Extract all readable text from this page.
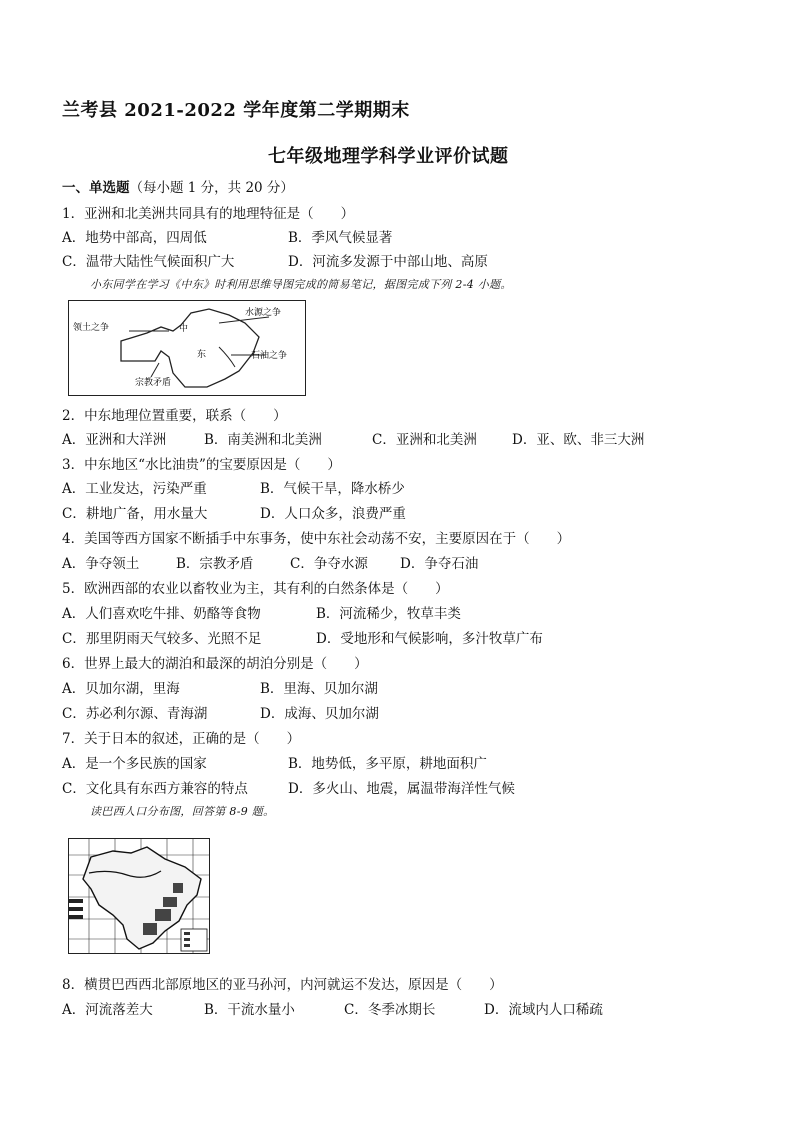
兰考县 2021-2022 学年度第二学期期末
七年级地理学科学业评价试题
一、单选题（每小题 1 分，共 20 分）
1．亚洲和北美洲共同具有的地理特征是（　　）
A．地势中部高，四周低	B．季风气候显著
C．温带大陆性气候面积广大	D．河流多发源于中部山地、高原
小东同学在学习《中东》时利用思维导图完成的简易笔记，据图完成下列 2-4 小题。
领土之争	中
水源之争
东	石油之争
宗教矛盾
2．中东地理位置重要，联系（　　）
A．亚洲和大洋洲	B．南美洲和北美洲	C．亚洲和北美洲	D．亚、欧、非三大洲
3．中东地区“水比油贵”的宝要原因是（　　）
A．工业发达，污染严重	B．气候干旱，降水桥少
C．耕地广备，用水量大	D．人口众多，浪费严重
4．美国等西方国家不断插手中东事务，使中东社会动荡不安，主要原因在于（　　）
A．争夺领土	B．宗教矛盾	C．争夺水源 D．争夺石油
5．欧洲西部的农业以畜牧业为主，其有利的白然条体是（　　）
A．人们喜欢吃牛排、奶酪等食物	B．河流稀少，牧草丰类
C．那里阴雨天气较多、光照不足	D．受地形和气候影响，多汁牧草广布
6．世界上最大的湖泊和最深的胡泊分别是（　　）
A．贝加尔湖，里海	B．里海、贝加尔湖
C．苏必利尔源、青海湖	D．成海、贝加尔湖
7．关于日本的叙述，正确的是（　　）
A．是一个多民族的国家	B．地势低，多平原，耕地面积广
C．文化具有东西方兼容的特点	D．多火山、地震，属温带海洋性气候
读巴西人口分布图，回答第 8-9 题。
8．横贯巴西西北部原地区的亚马孙河，内河就运不发达，原因是（　　）
A．河流落差大	B．干流水量小	C．冬季冰期长	D．流域内人口稀疏
